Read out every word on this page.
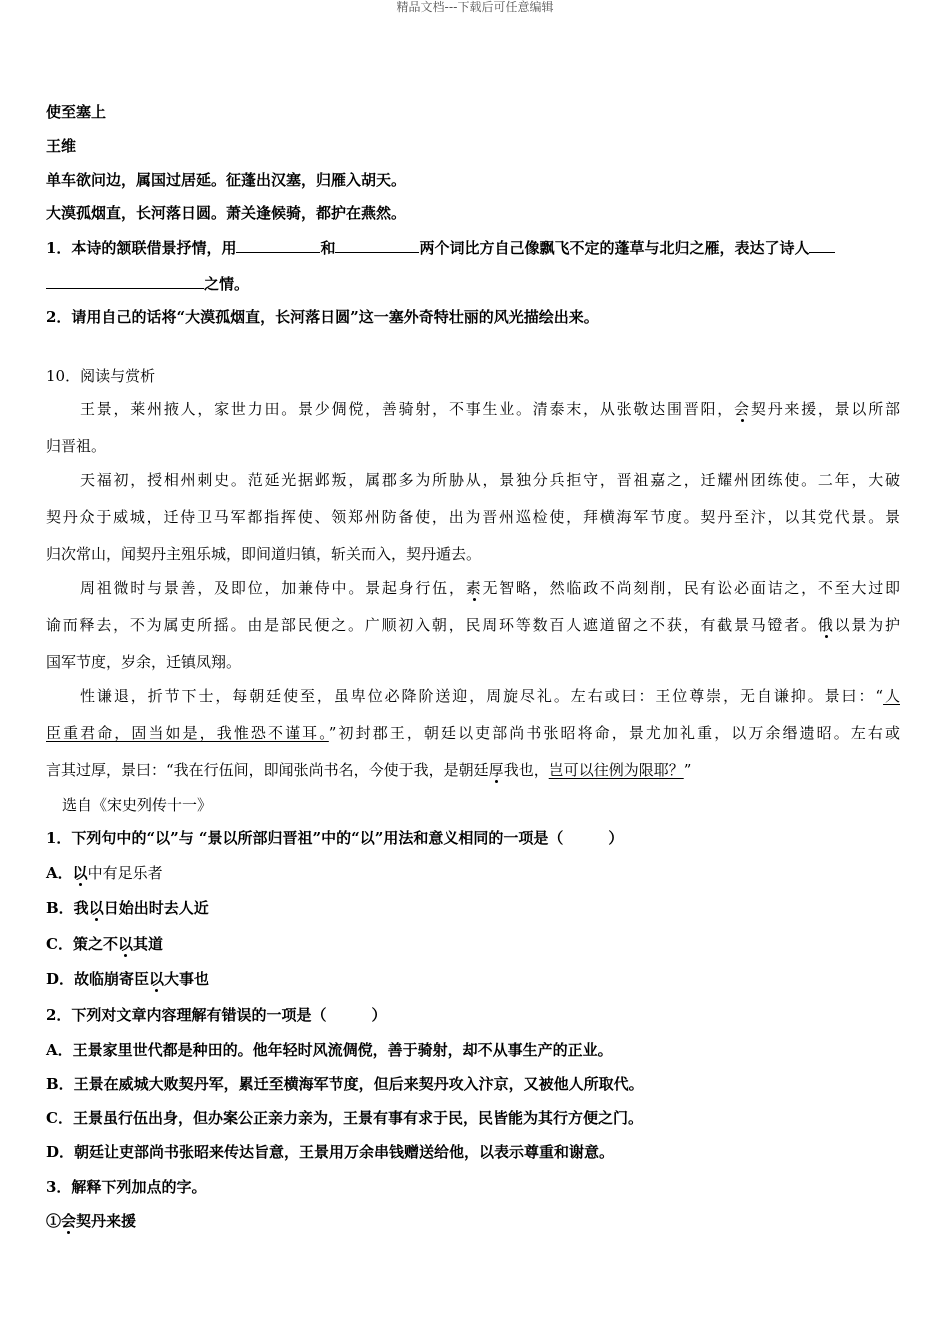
精品文档---下载后可任意编辑
使至塞上
王维
单车欲问边，属国过居延。征蓬出汉塞，归雁入胡天。
大漠孤烟直，长河落日圆。萧关逢候骑，都护在燕然。
1．本诗的颔联借景抒情，用	和	两个词比方自己像飘飞不定的蓬草与北归之雁，表达了诗人
之情。
2．请用自己的话将“大漠孤烟直，长河落日圆”这一塞外奇特壮丽的风光描绘出来。
10．阅读与赏析
王景，莱州掖人，家世力田。景少倜傥，善骑射，不事生业。清泰末，从张敬达围晋阳，会契丹来援，景以所部
归晋祖。
天福初，授相州刺史。范延光据邺叛，属郡多为所胁从，景独分兵拒守，晋祖嘉之，迁耀州团练使。二年，大破
契丹众于威城，迁侍卫马军都指挥使、领郑州防备使，出为晋州巡检使，拜横海军节度。契丹至汴，以其党代景。景
归次常山，闻契丹主殂乐城，即间道归镇，斩关而入，契丹遁去。
周祖微时与景善，及即位，加兼侍中。景起身行伍，素无智略，然临政不尚刻削，民有讼必面诘之，不至大过即
谕而释去，不为属吏所摇。由是部民便之。广顺初入朝，民周环等数百人遮道留之不获，有截景马镫者。俄以景为护
国军节度，岁余，迁镇凤翔。
性谦退，折节下士，每朝廷使至，虽卑位必降阶送迎，周旋尽礼。左右或曰：王位尊崇，无自谦抑。景曰：“人
臣重君命，固当如是，我惟恐不谨耳。”初封郡王，朝廷以吏部尚书张昭将命，景尤加礼重，以万余缗遗昭。左右或
言其过厚，景曰：“我在行伍间，即闻张尚书名，今使于我，是朝廷厚我也，岂可以往例为限耶？”
选自《宋史列传十一》
1．下列句中的“以”与 “景以所部归晋祖”中的“以”用法和意义相同的一项是（　　　）
A．以中有足乐者
B．我以日始出时去人近
C．策之不以其道
D．故临崩寄臣以大事也
2．下列对文章内容理解有错误的一项是（　　　）
A．王景家里世代都是种田的。他年轻时风流倜傥，善于骑射，却不从事生产的正业。
B．王景在威城大败契丹军，累迁至横海军节度，但后来契丹攻入汴京，又被他人所取代。
C．王景虽行伍出身，但办案公正亲力亲为，王景有事有求于民，民皆能为其行方便之门。
D．朝廷让吏部尚书张昭来传达旨意，王景用万余串钱赠送给他，以表示尊重和谢意。
3．解释下列加点的字。
①会契丹来援
